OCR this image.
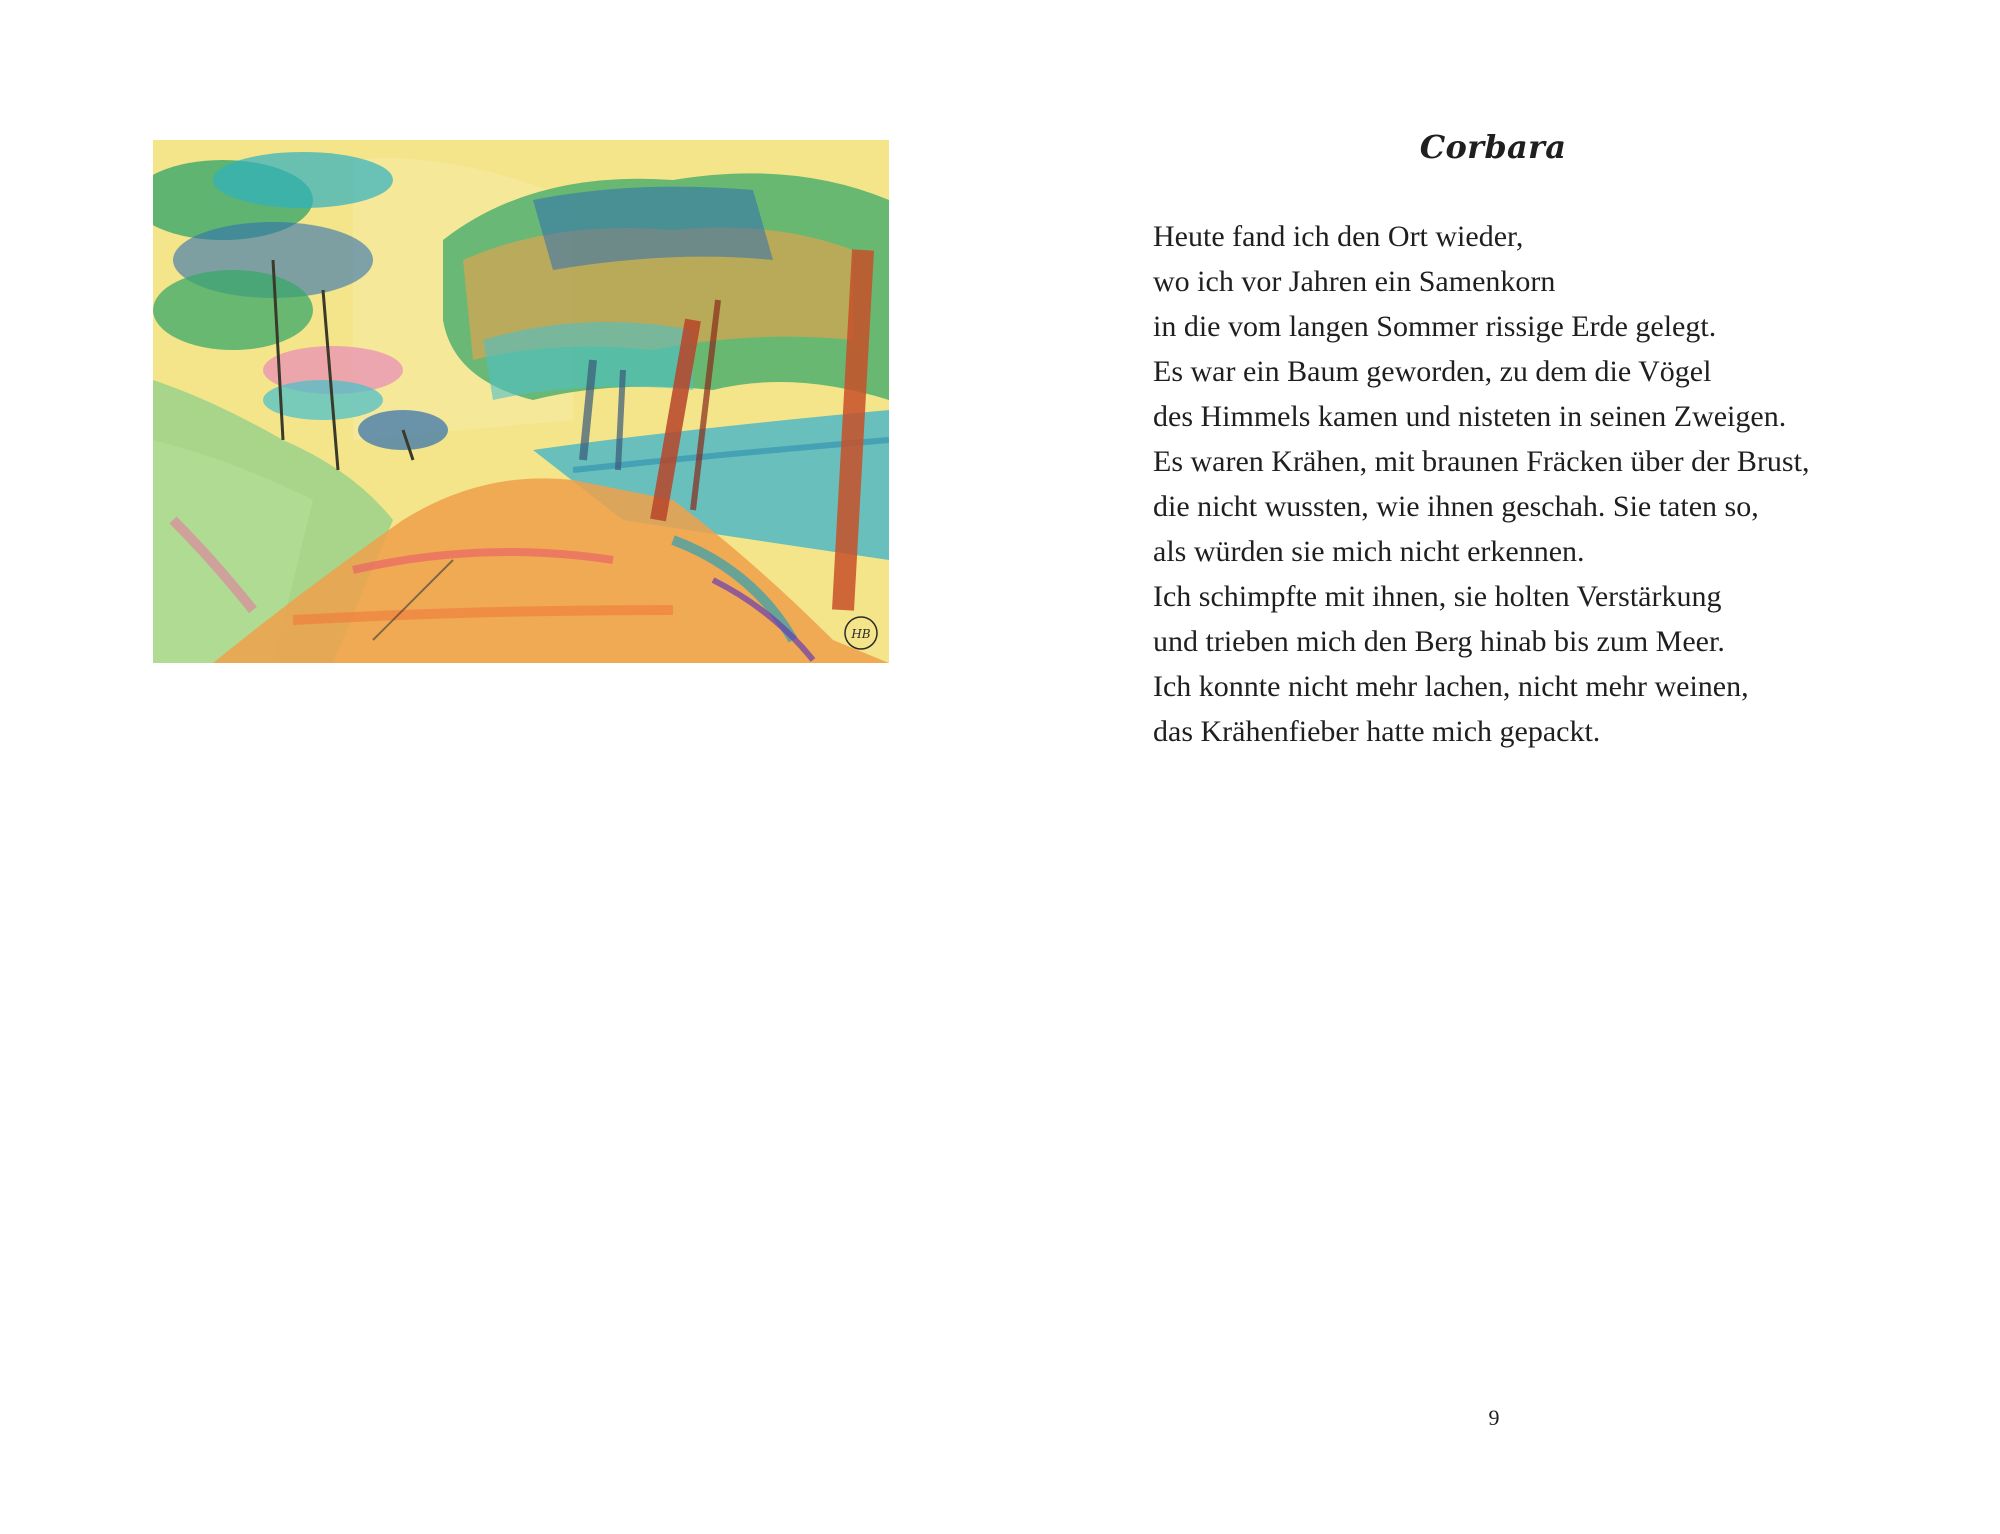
HB
Corbara
Heute fand ich den Ort wieder,
wo ich vor Jahren ein Samenkorn
in die vom langen Sommer rissige Erde gelegt.
Es war ein Baum geworden, zu dem die Vögel
des Himmels kamen und nisteten in seinen Zweigen.
Es waren Krähen, mit braunen Fräcken über der Brust,
die nicht wussten, wie ihnen geschah. Sie taten so,
als würden sie mich nicht erkennen.
Ich schimpfte mit ihnen, sie holten Verstärkung
und trieben mich den Berg hinab bis zum Meer.
Ich konnte nicht mehr lachen, nicht mehr weinen,
das Krähenfieber hatte mich gepackt.
9
